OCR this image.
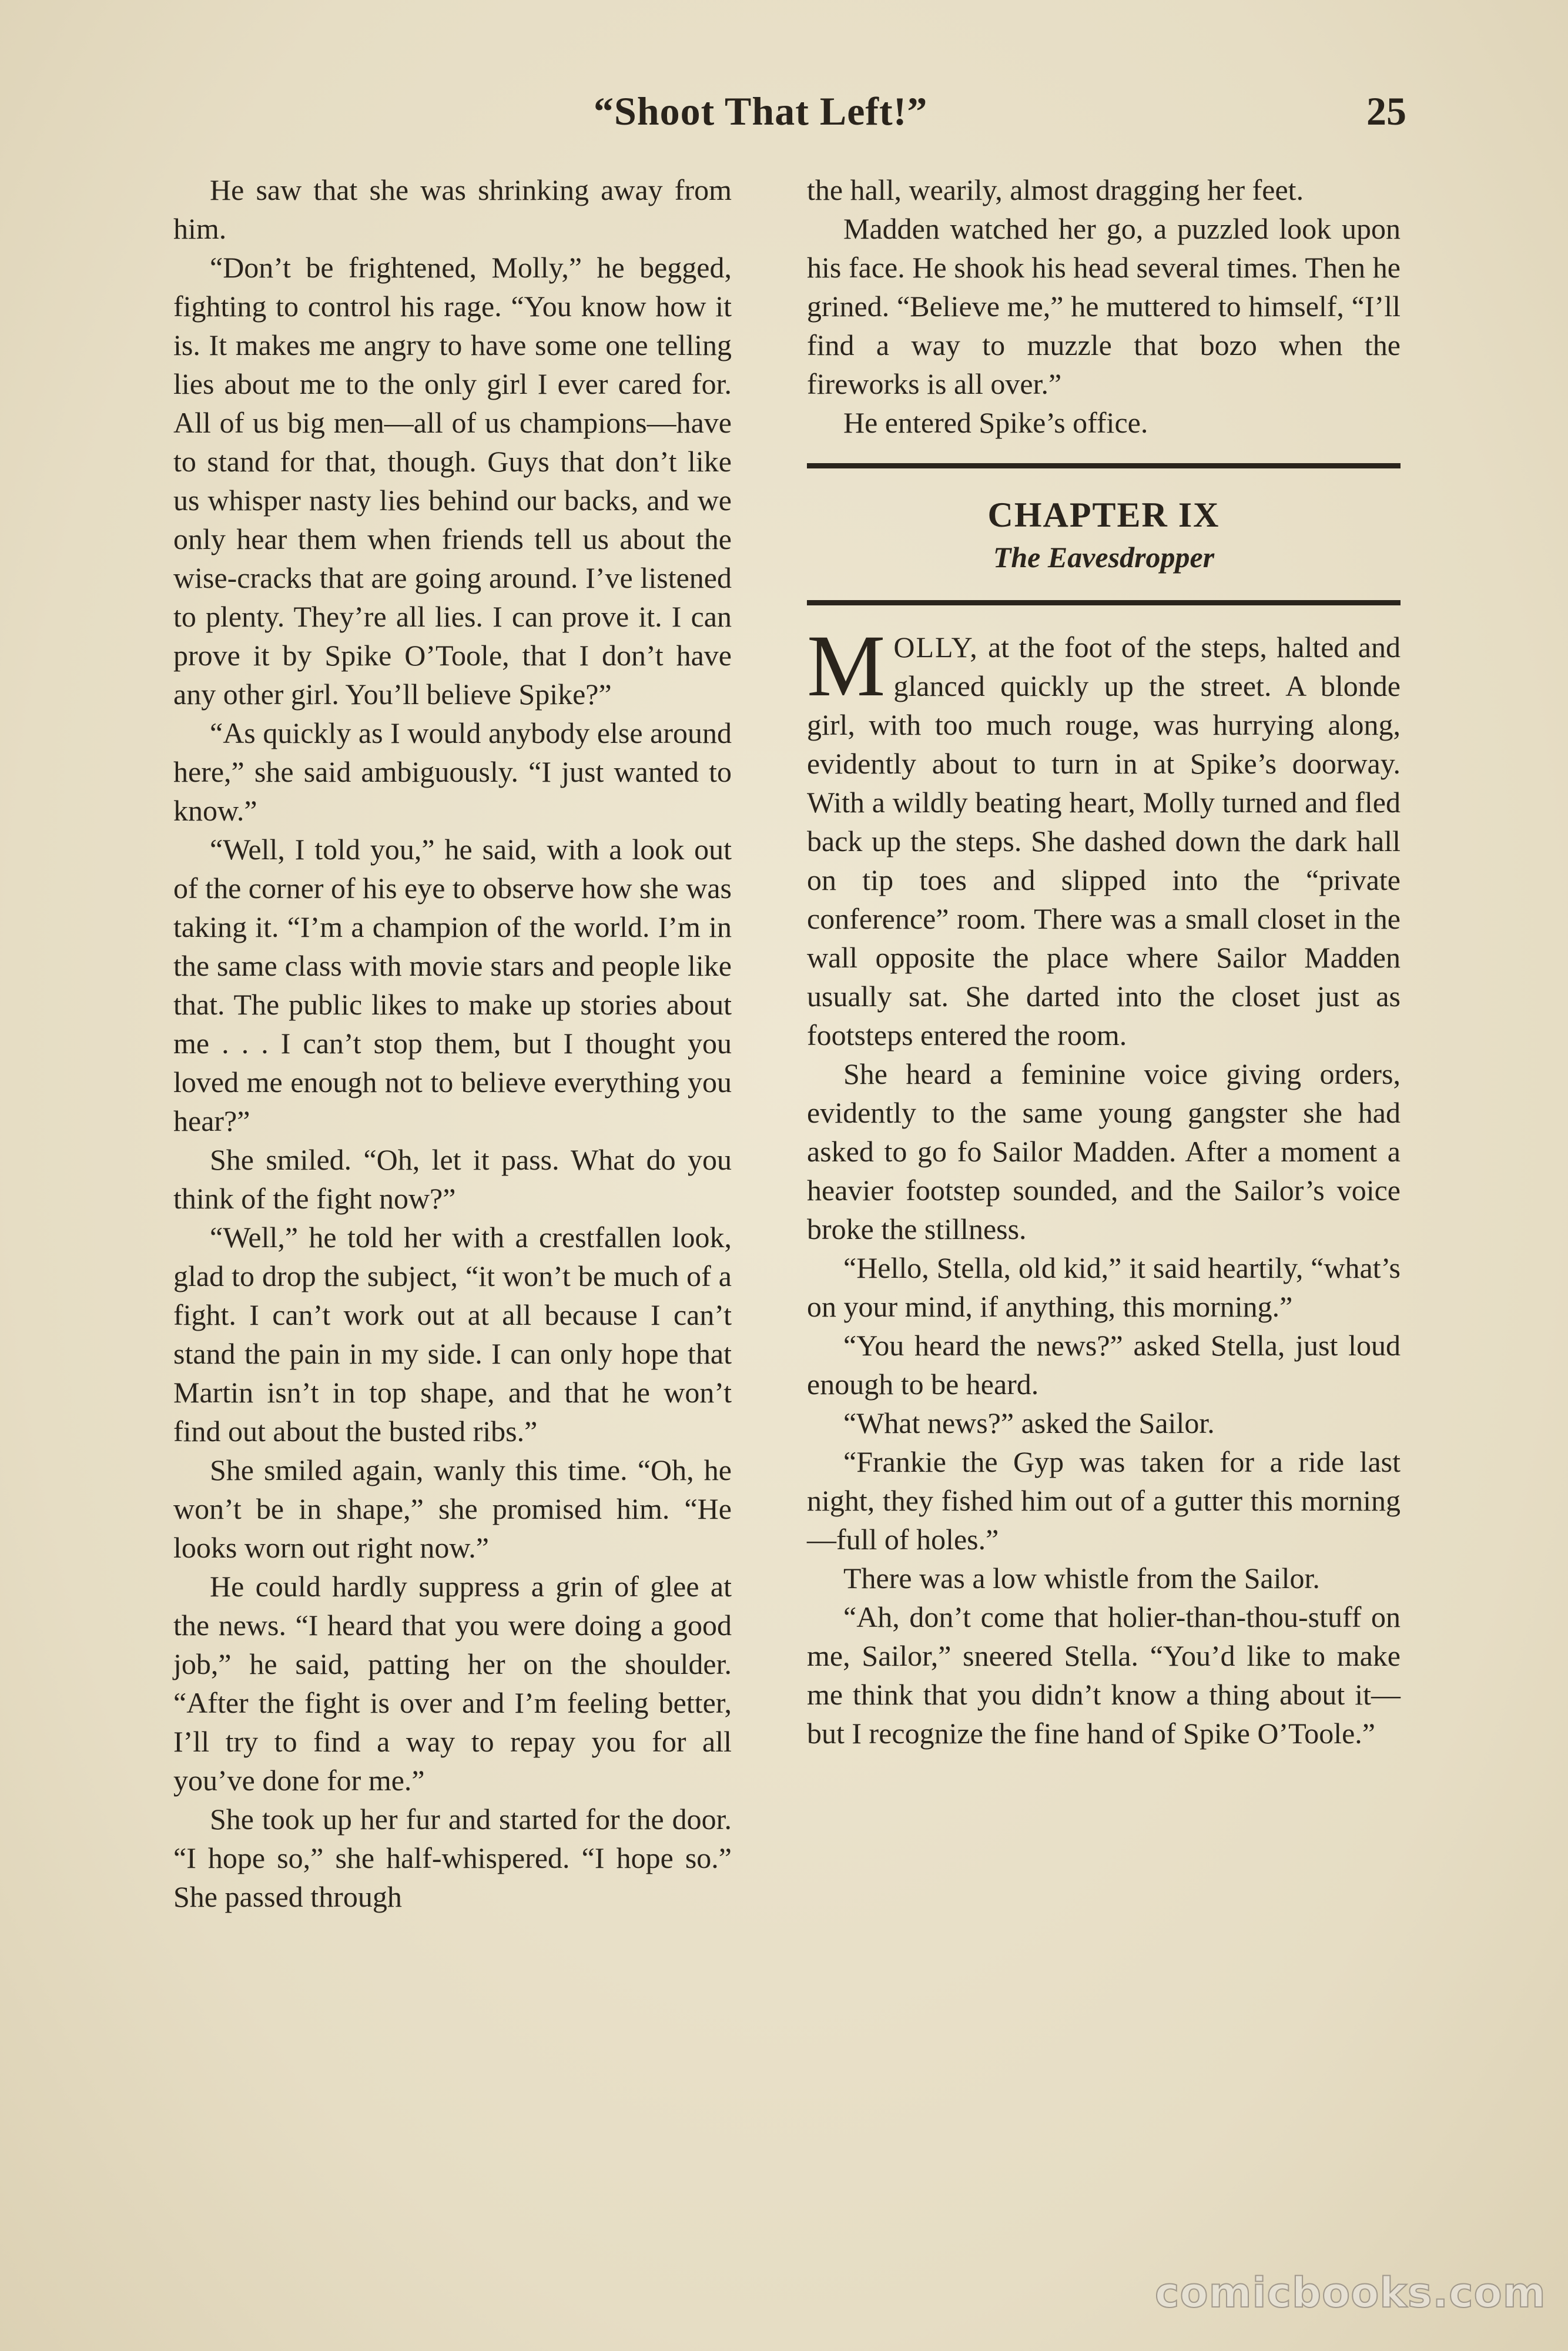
“Shoot That Left!”	25

He saw that she was shrinking away from him.

“Don’t be frightened, Molly,” he begged, fighting to control his rage. “You know how it is. It makes me angry to have some one telling lies about me to the only girl I ever cared for. All of us big men—all of us champions—have to stand for that, though. Guys that don’t like us whisper nasty lies behind our backs, and we only hear them when friends tell us about the wise-cracks that are going around. I’ve listened to plenty. They’re all lies. I can prove it. I can prove it by Spike O’Toole, that I don’t have any other girl. You’ll believe Spike?”

“As quickly as I would anybody else around here,” she said ambiguously. “I just wanted to know.”

“Well, I told you,” he said, with a look out of the corner of his eye to observe how she was taking it. “I’m a champion of the world. I’m in the same class with movie stars and people like that. The public likes to make up stories about me . . . I can’t stop them, but I thought you loved me enough not to believe everything you hear?”

She smiled. “Oh, let it pass. What do you think of the fight now?”

“Well,” he told her with a crestfallen look, glad to drop the subject, “it won’t be much of a fight. I can’t work out at all because I can’t stand the pain in my side. I can only hope that Martin isn’t in top shape, and that he won’t find out about the busted ribs.”

She smiled again, wanly this time. “Oh, he won’t be in shape,” she promised him. “He looks worn out right now.”

He could hardly suppress a grin of glee at the news. “I heard that you were doing a good job,” he said, patting her on the shoulder. “After the fight is over and I’m feeling better, I’ll try to find a way to repay you for all you’ve done for me.”

She took up her fur and started for the door. “I hope so,” she half-whispered. “I hope so.” She passed through

the hall, wearily, almost dragging her feet.

Madden watched her go, a puzzled look upon his face. He shook his head several times. Then he grined. “Believe me,” he muttered to himself, “I’ll find a way to muzzle that bozo when the fireworks is all over.”

He entered Spike’s office.

CHAPTER IX
The Eavesdropper

MOLLY, at the foot of the steps, halted and glanced quickly up the street. A blonde girl, with too much rouge, was hurrying along, evidently about to turn in at Spike’s doorway. With a wildly beating heart, Molly turned and fled back up the steps. She dashed down the dark hall on tip toes and slipped into the “private conference” room. There was a small closet in the wall opposite the place where Sailor Madden usually sat. She darted into the closet just as footsteps entered the room.

She heard a feminine voice giving orders, evidently to the same young gangster she had asked to go fo Sailor Madden. After a moment a heavier footstep sounded, and the Sailor’s voice broke the stillness.

“Hello, Stella, old kid,” it said heartily, “what’s on your mind, if anything, this morning.”

“You heard the news?” asked Stella, just loud enough to be heard.

“What news?” asked the Sailor.

“Frankie the Gyp was taken for a ride last night, they fished him out of a gutter this morning—full of holes.”

There was a low whistle from the Sailor.

“Ah, don’t come that holier-than-thou-stuff on me, Sailor,” sneered Stella. “You’d like to make me think that you didn’t know a thing about it—but I recognize the fine hand of Spike O’Toole.”

comicbooks.com
